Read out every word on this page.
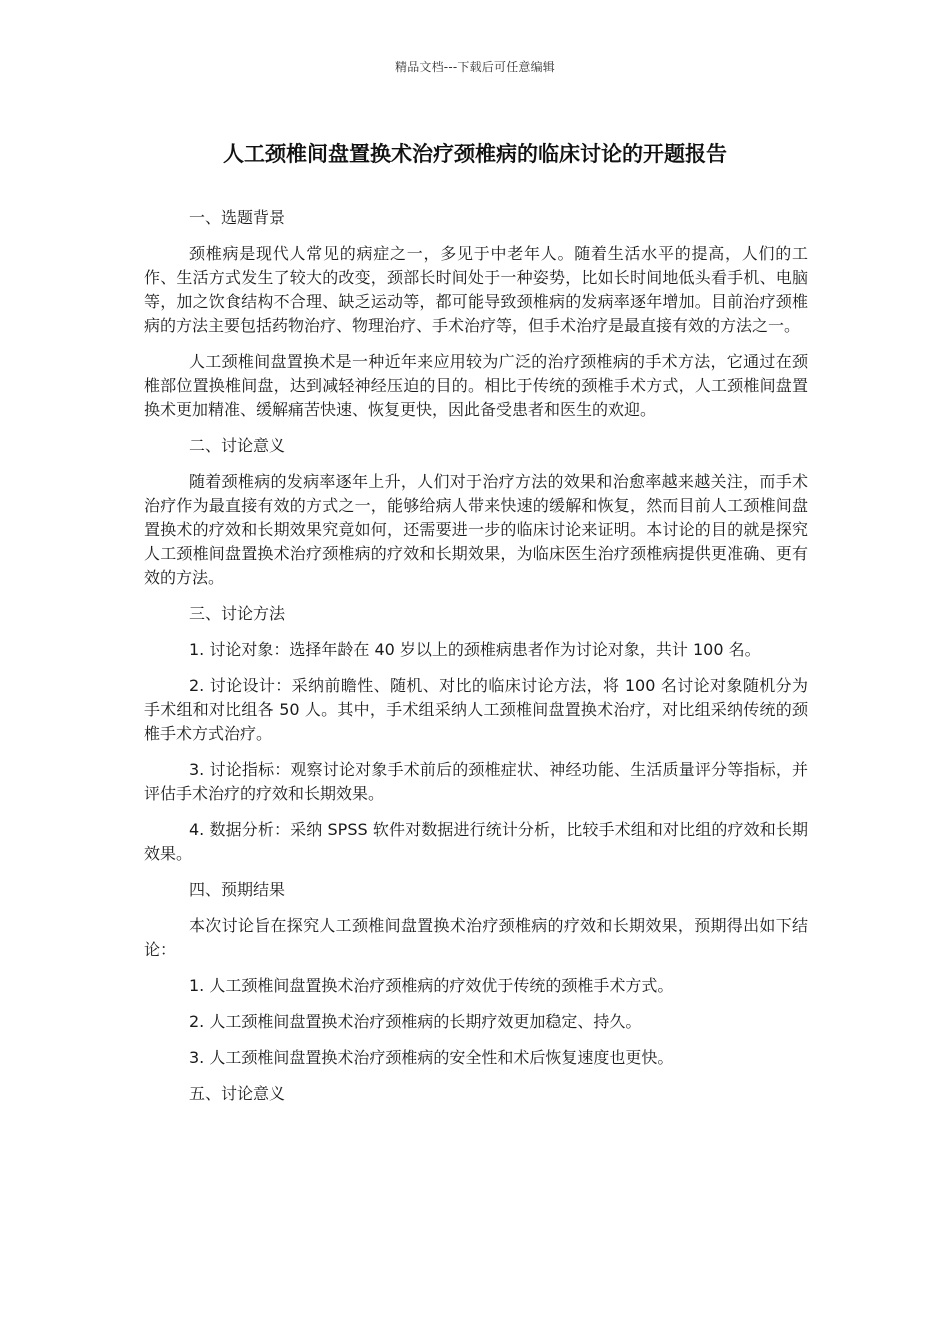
精品文档---下载后可任意编辑
人工颈椎间盘置换术治疗颈椎病的临床讨论的开题报告
一、选题背景

颈椎病是现代人常见的病症之一，多见于中老年人。随着生活水平的提高，人们的工作、生活方式发生了较大的改变，颈部长时间处于一种姿势，比如长时间地低头看手机、电脑等，加之饮食结构不合理、缺乏运动等，都可能导致颈椎病的发病率逐年增加。目前治疗颈椎病的方法主要包括药物治疗、物理治疗、手术治疗等，但手术治疗是最直接有效的方法之一。

人工颈椎间盘置换术是一种近年来应用较为广泛的治疗颈椎病的手术方法，它通过在颈椎部位置换椎间盘，达到减轻神经压迫的目的。相比于传统的颈椎手术方式，人工颈椎间盘置换术更加精准、缓解痛苦快速、恢复更快，因此备受患者和医生的欢迎。

二、讨论意义

随着颈椎病的发病率逐年上升，人们对于治疗方法的效果和治愈率越来越关注，而手术治疗作为最直接有效的方式之一，能够给病人带来快速的缓解和恢复，然而目前人工颈椎间盘置换术的疗效和长期效果究竟如何，还需要进一步的临床讨论来证明。本讨论的目的就是探究人工颈椎间盘置换术治疗颈椎病的疗效和长期效果，为临床医生治疗颈椎病提供更准确、更有效的方法。

三、讨论方法

1. 讨论对象：选择年龄在 40 岁以上的颈椎病患者作为讨论对象，共计 100 名。

2. 讨论设计：采纳前瞻性、随机、对比的临床讨论方法，将 100 名讨论对象随机分为手术组和对比组各 50 人。其中，手术组采纳人工颈椎间盘置换术治疗，对比组采纳传统的颈椎手术方式治疗。

3. 讨论指标：观察讨论对象手术前后的颈椎症状、神经功能、生活质量评分等指标，并评估手术治疗的疗效和长期效果。

4. 数据分析：采纳 SPSS 软件对数据进行统计分析，比较手术组和对比组的疗效和长期效果。

四、预期结果

本次讨论旨在探究人工颈椎间盘置换术治疗颈椎病的疗效和长期效果，预期得出如下结论：

1. 人工颈椎间盘置换术治疗颈椎病的疗效优于传统的颈椎手术方式。

2. 人工颈椎间盘置换术治疗颈椎病的长期疗效更加稳定、持久。

3. 人工颈椎间盘置换术治疗颈椎病的安全性和术后恢复速度也更快。

五、讨论意义
